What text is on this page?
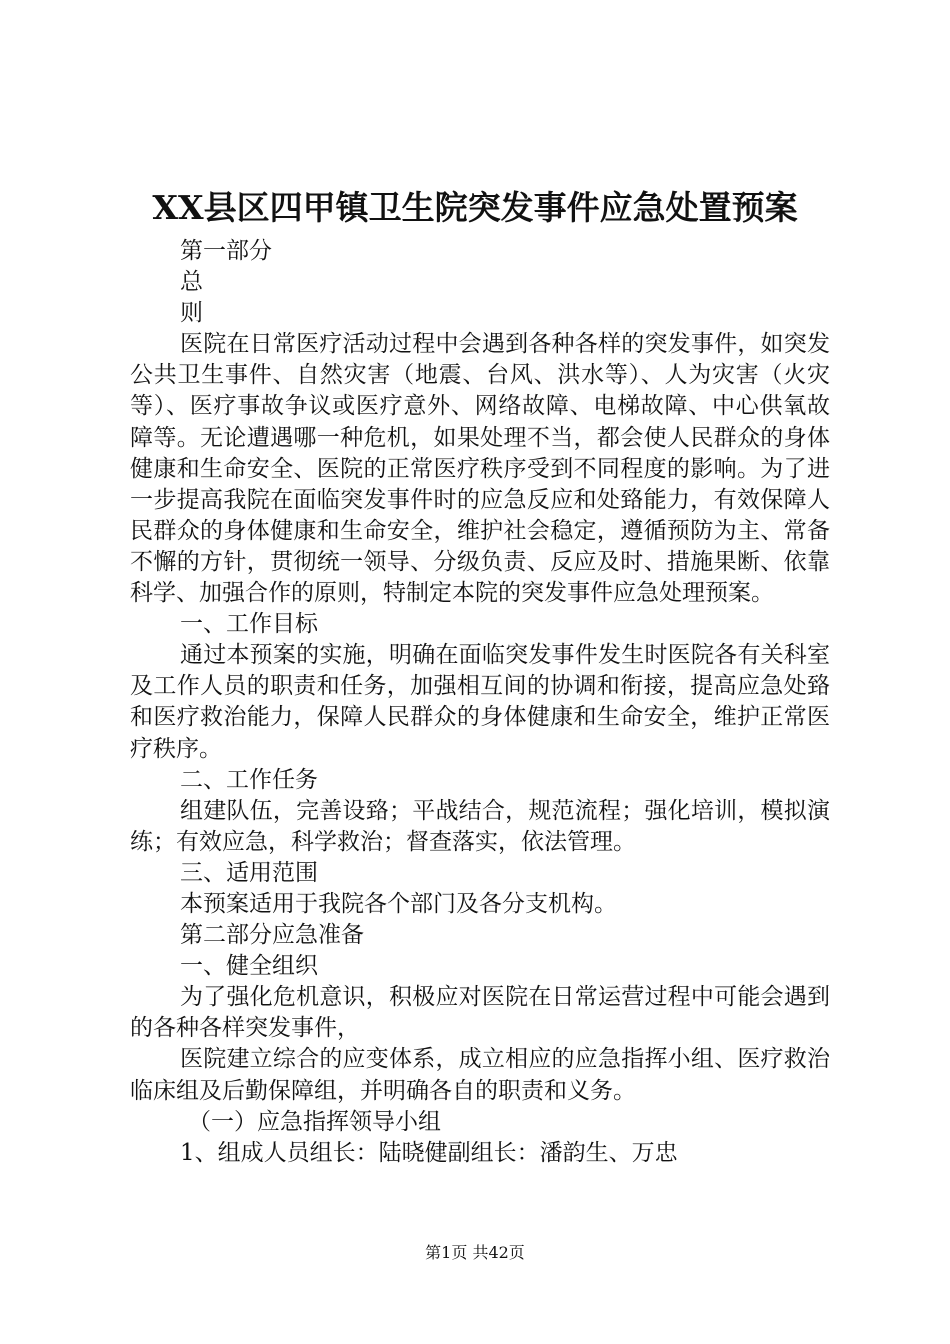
XX县区四甲镇卫生院突发事件应急处置预案

第一部分

总

则

医院在日常医疗活动过程中会遇到各种各样的突发事件，如突发公共卫生事件、自然灾害（地震、台风、洪水等）、人为灾害（火灾等）、医疗事故争议或医疗意外、网络故障、电梯故障、中心供氧故障等。无论遭遇哪一种危机，如果处理不当，都会使人民群众的身体健康和生命安全、医院的正常医疗秩序受到不同程度的影响。为了进一步提高我院在面临突发事件时的应急反应和处臵能力，有效保障人民群众的身体健康和生命安全，维护社会稳定，遵循预防为主、常备不懈的方针，贯彻统一领导、分级负责、反应及时、措施果断、依靠科学、加强合作的原则，特制定本院的突发事件应急处理预案。

一、工作目标

通过本预案的实施，明确在面临突发事件发生时医院各有关科室及工作人员的职责和任务，加强相互间的协调和衔接，提高应急处臵和医疗救治能力，保障人民群众的身体健康和生命安全，维护正常医疗秩序。

二、工作任务

组建队伍，完善设臵；平战结合，规范流程；强化培训，模拟演练；有效应急，科学救治；督查落实，依法管理。

三、适用范围

本预案适用于我院各个部门及各分支机构。

第二部分应急准备

一、健全组织

为了强化危机意识，积极应对医院在日常运营过程中可能会遇到的各种各样突发事件，

医院建立综合的应变体系，成立相应的应急指挥小组、医疗救治临床组及后勤保障组，并明确各自的职责和义务。

（一）应急指挥领导小组

1、组成人员组长：陆晓健副组长：潘韵生、万忠

第1页 共42页
